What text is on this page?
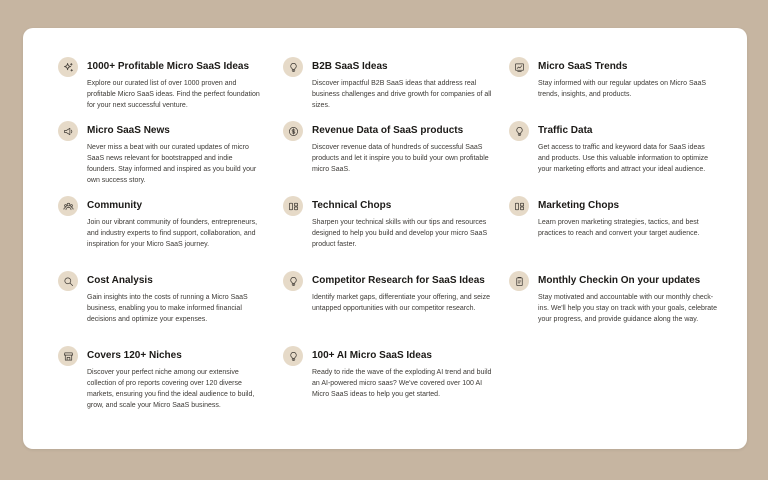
1000+ Profitable Micro SaaS Ideas
Explore our curated list of over 1000 proven and profitable Micro SaaS ideas. Find the perfect foundation for your next successful venture.
B2B SaaS Ideas
Discover impactful B2B SaaS ideas that address real business challenges and drive growth for companies of all sizes.
Micro SaaS Trends
Stay informed with our regular updates on Micro SaaS trends, insights, and products.
Micro SaaS News
Never miss a beat with our curated updates of micro SaaS news relevant for bootstrapped and indie founders. Stay informed and inspired as you build your own success story.
Revenue Data of SaaS products
Discover revenue data of hundreds of successful SaaS products and let it inspire you to build your own profitable micro SaaS.
Traffic Data
Get access to traffic and keyword data for SaaS ideas and products. Use this valuable information to optimize your marketing efforts and attract your ideal audience.
Community
Join our vibrant community of founders, entrepreneurs, and industry experts to find support, collaboration, and inspiration for your Micro SaaS journey.
Technical Chops
Sharpen your technical skills with our tips and resources designed to help you build and develop your micro SaaS product faster.
Marketing Chops
Learn proven marketing strategies, tactics, and best practices to reach and convert your target audience.
Cost Analysis
Gain insights into the costs of running a Micro SaaS business, enabling you to make informed financial decisions and optimize your expenses.
Competitor Research for SaaS Ideas
Identify market gaps, differentiate your offering, and seize untapped opportunities with our competitor research.
Monthly Checkin On your updates
Stay motivated and accountable with our monthly check-ins. We'll help you stay on track with your goals, celebrate your progress, and provide guidance along the way.
Covers 120+ Niches
Discover your perfect niche among our extensive collection of pro reports covering over 120 diverse markets, ensuring you find the ideal audience to build, grow, and scale your Micro SaaS business.
100+ AI Micro SaaS Ideas
Ready to ride the wave of the exploding AI trend and build an AI-powered micro saas? We've covered over 100 AI Micro SaaS ideas to help you get started.
